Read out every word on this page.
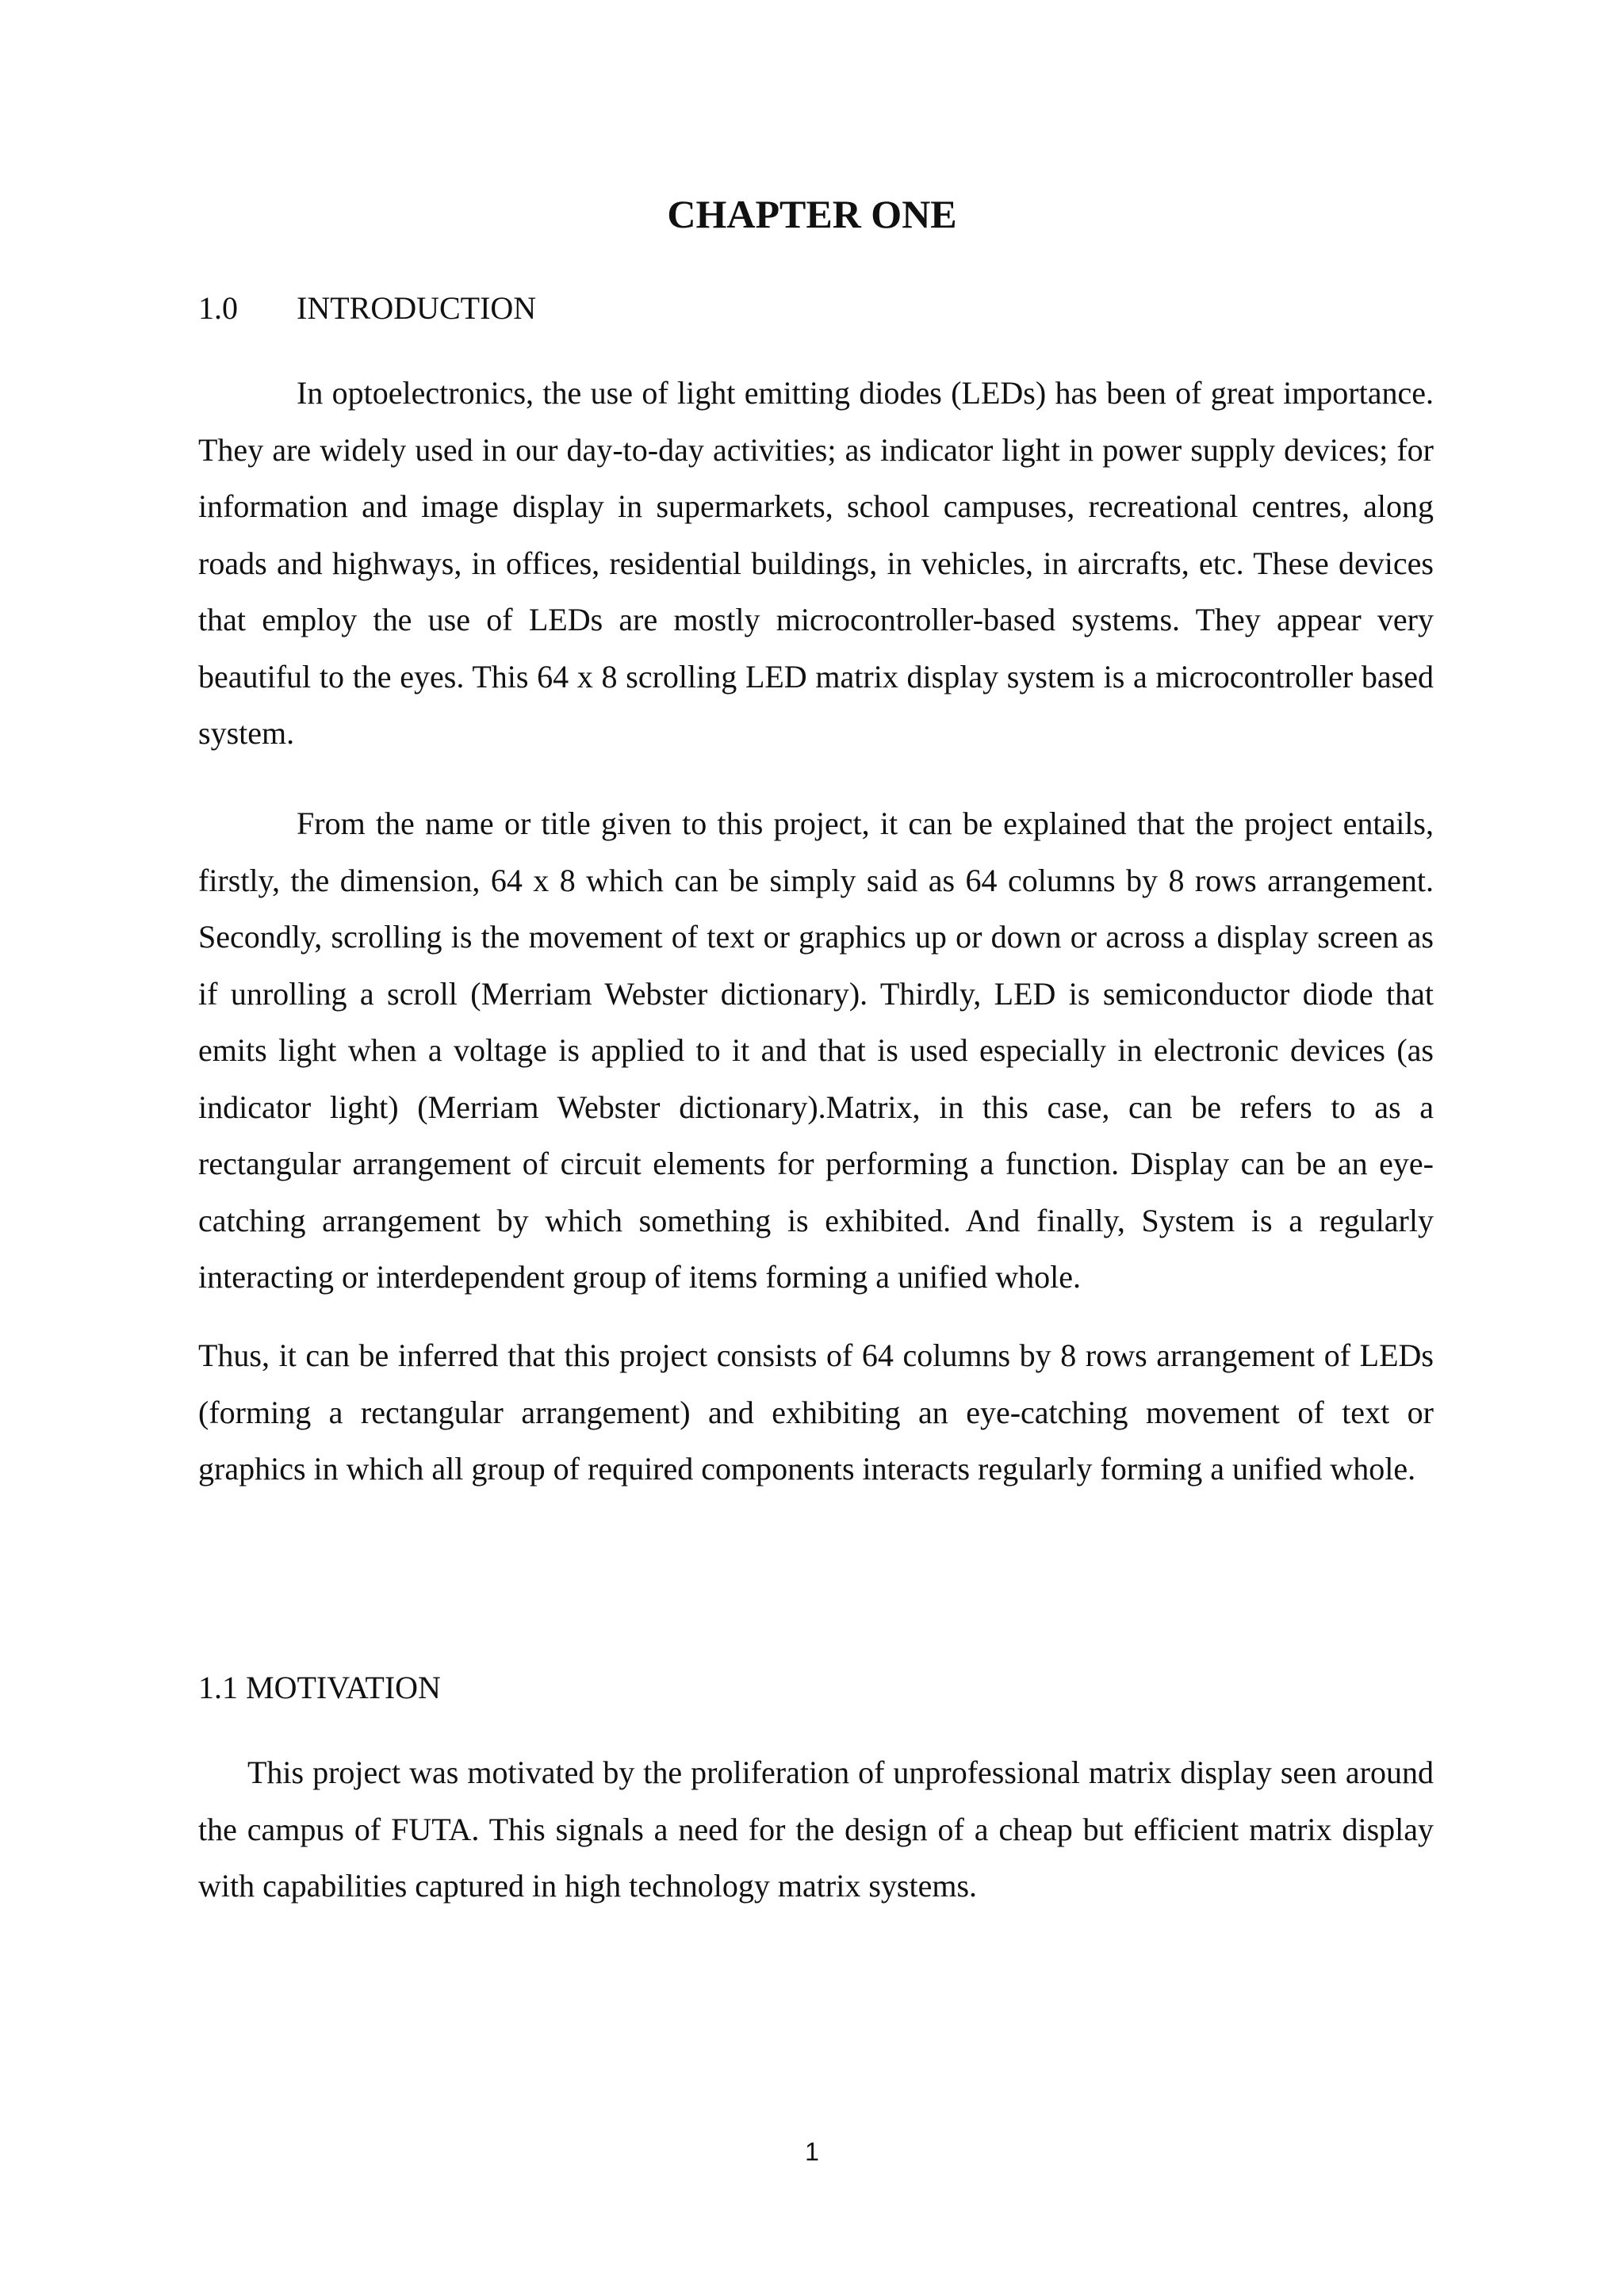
CHAPTER ONE
1.0 INTRODUCTION

In optoelectronics, the use of light emitting diodes (LEDs) has been of great importance. They are widely used in our day-to-day activities; as indicator light in power supply devices; for information and image display in supermarkets, school campuses, recreational centres, along roads and highways, in offices, residential buildings, in vehicles, in aircrafts, etc. These devices that employ the use of LEDs are mostly microcontroller-based systems. They appear very beautiful to the eyes. This 64 x 8 scrolling LED matrix display system is a microcontroller based system.

From the name or title given to this project, it can be explained that the project entails, firstly, the dimension, 64 x 8 which can be simply said as 64 columns by 8 rows arrangement. Secondly, scrolling is the movement of text or graphics up or down or across a display screen as if unrolling a scroll (Merriam Webster dictionary). Thirdly, LED is semiconductor diode that emits light when a voltage is applied to it and that is used especially in electronic devices (as indicator light) (Merriam Webster dictionary).Matrix, in this case, can be refers to as a rectangular arrangement of circuit elements for performing a function. Display can be an eye-catching arrangement by which something is exhibited. And finally, System is a regularly interacting or interdependent group of items forming a unified whole.

Thus, it can be inferred that this project consists of 64 columns by 8 rows arrangement of LEDs (forming a rectangular arrangement) and exhibiting an eye-catching movement of text or graphics in which all group of required components interacts regularly forming a unified whole.

1.1 MOTIVATION

This project was motivated by the proliferation of unprofessional matrix display seen around the campus of FUTA. This signals a need for the design of a cheap but efficient matrix display with capabilities captured in high technology matrix systems.

1
